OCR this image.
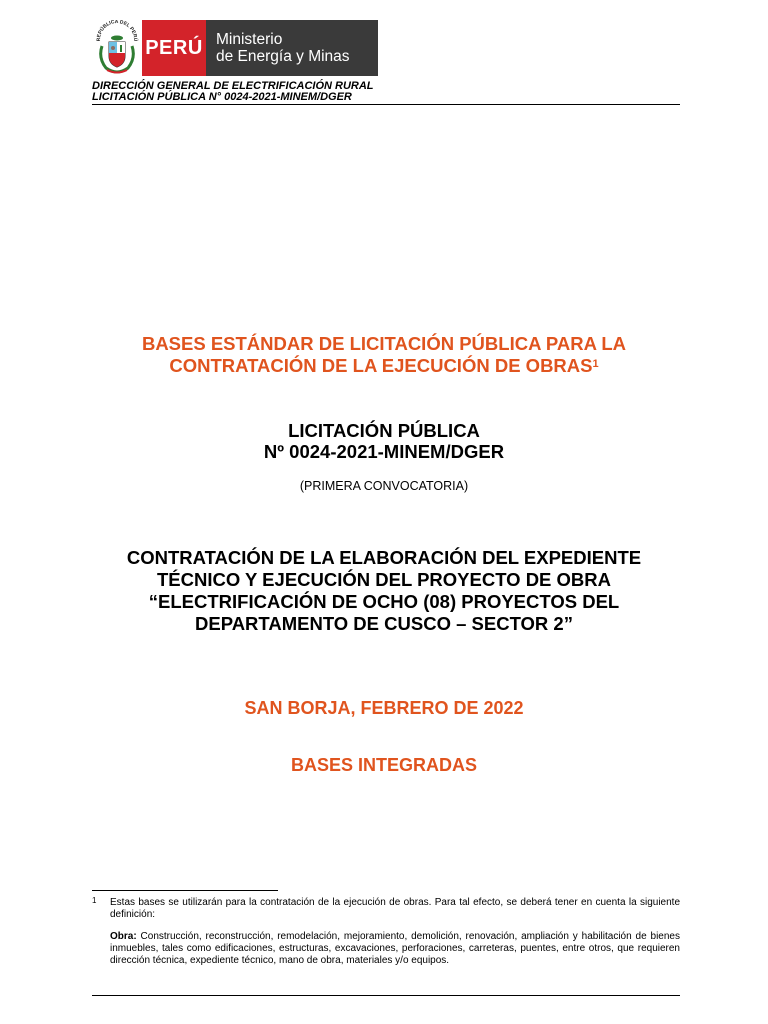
REPÚBLICA DEL PERÚ PERÚ Ministerio
de Energía y Minas
DIRECCIÓN GENERAL DE ELECTRIFICACIÓN RURAL
LICITACIÓN PÚBLICA N° 0024-2021-MINEM/DGER
BASES ESTÁNDAR DE LICITACIÓN PÚBLICA PARA LA
CONTRATACIÓN DE LA EJECUCIÓN DE OBRAS$^1$
LICITACIÓN PÚBLICA
Nº 0024-2021-MINEM/DGER
(PRIMERA CONVOCATORIA)
CONTRATACIÓN DE LA ELABORACIÓN DEL EXPEDIENTE
TÉCNICO Y EJECUCIÓN DEL PROYECTO DE OBRA
“ELECTRIFICACIÓN DE OCHO (08) PROYECTOS DEL
DEPARTAMENTO DE CUSCO – SECTOR 2”
SAN BORJA, FEBRERO DE 2022
BASES INTEGRADAS
1 Estas bases se utilizarán para la contratación de la ejecución de obras. Para tal efecto, se deberá tener en cuenta la siguiente definición:
Obra: Construcción, reconstrucción, remodelación, mejoramiento, demolición, renovación, ampliación y habilitación de bienes inmuebles, tales como edificaciones, estructuras, excavaciones, perforaciones, carreteras, puentes, entre otros, que requieren dirección técnica, expediente técnico, mano de obra, materiales y/o equipos.
